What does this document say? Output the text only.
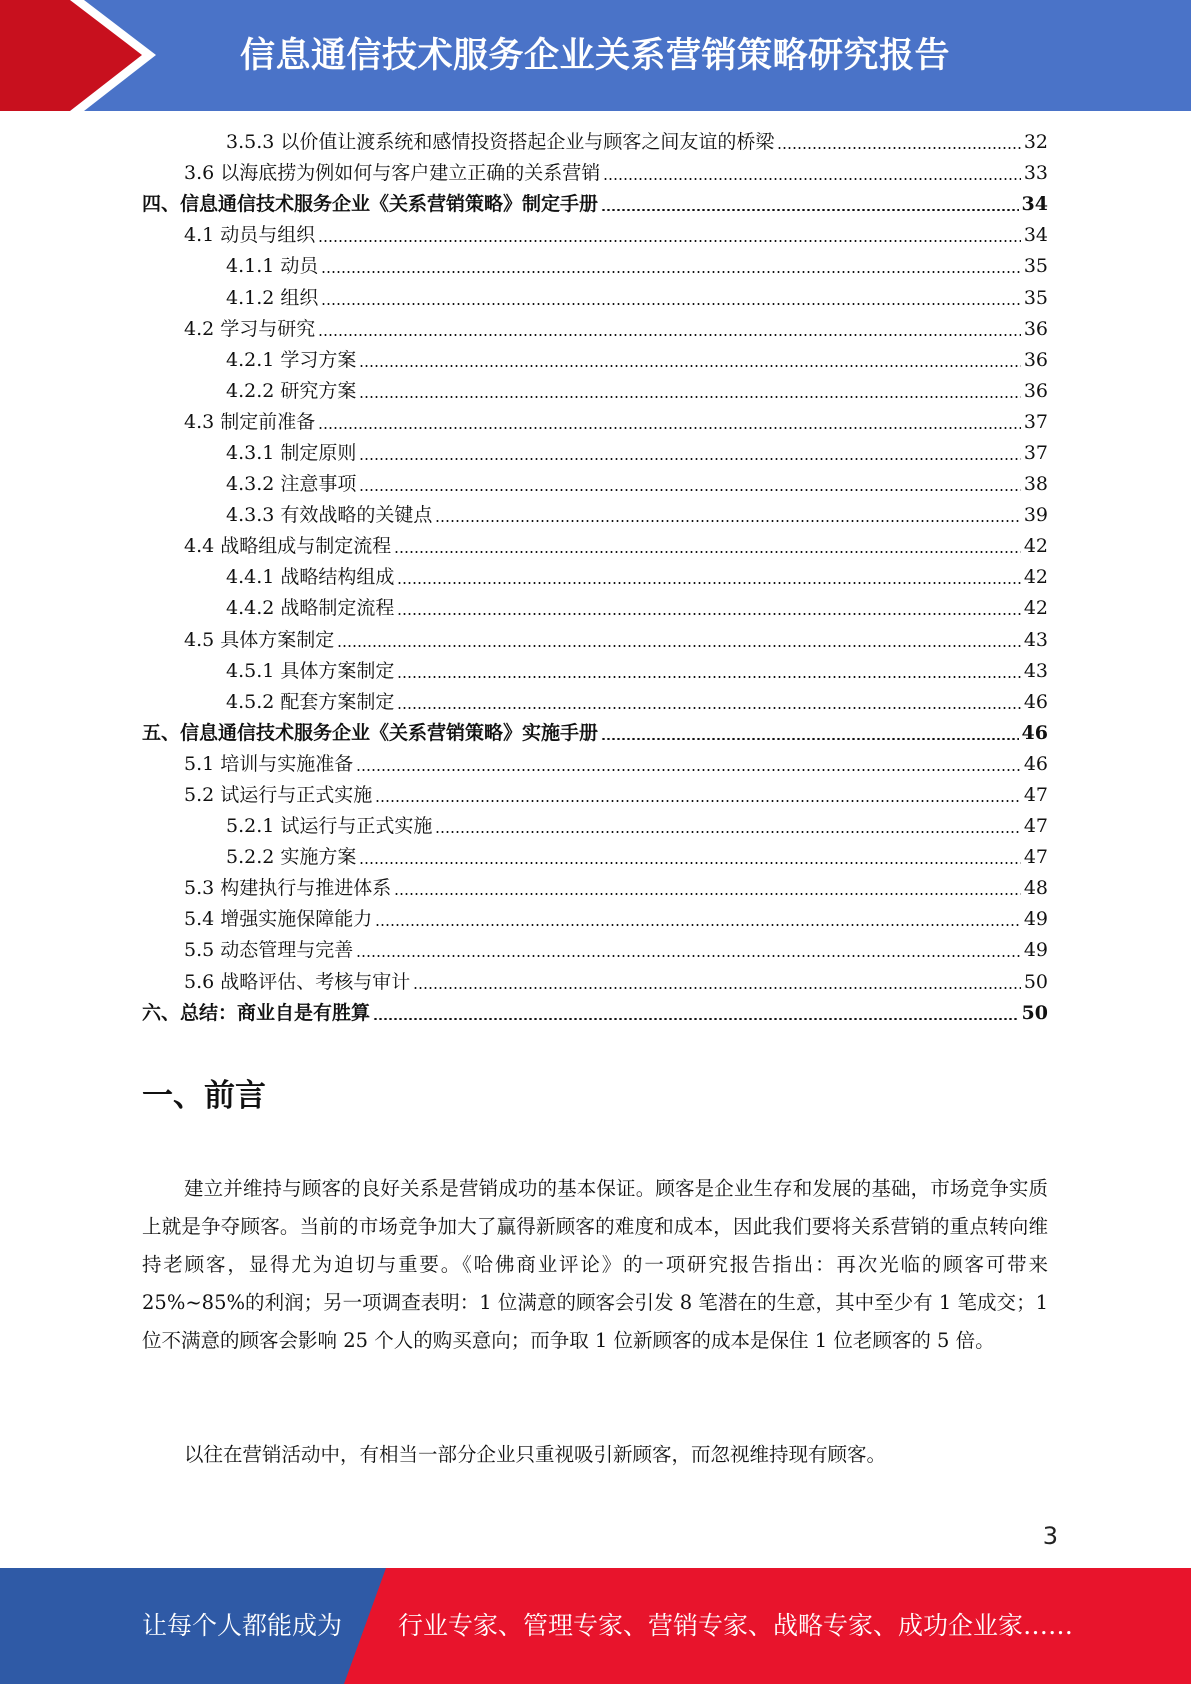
信息通信技术服务企业关系营销策略研究报告
3.5.3 以价值让渡系统和感情投资搭起企业与顾客之间友谊的桥梁	32
3.6 以海底捞为例如何与客户建立正确的关系营销	33
四、信息通信技术服务企业《关系营销策略》制定手册	34
4.1 动员与组织	34
4.1.1 动员	35
4.1.2 组织	35
4.2 学习与研究	36
4.2.1 学习方案	36
4.2.2 研究方案	36
4.3 制定前准备	37
4.3.1 制定原则	37
4.3.2 注意事项	38
4.3.3 有效战略的关键点	39
4.4 战略组成与制定流程	42
4.4.1 战略结构组成	42
4.4.2 战略制定流程	42
4.5 具体方案制定	43
4.5.1 具体方案制定	43
4.5.2 配套方案制定	46
五、信息通信技术服务企业《关系营销策略》实施手册	46
5.1 培训与实施准备	46
5.2 试运行与正式实施	47
5.2.1 试运行与正式实施	47
5.2.2 实施方案	47
5.3 构建执行与推进体系	48
5.4 增强实施保障能力	49
5.5 动态管理与完善	49
5.6 战略评估、考核与审计	50
六、总结：商业自是有胜算	50
一、前言

建立并维持与顾客的良好关系是营销成功的基本保证。顾客是企业生存和发展的基础，市场竞争实质上就是争夺顾客。当前的市场竞争加大了赢得新顾客的难度和成本，因此我们要将关系营销的重点转向维持老顾客，显得尤为迫切与重要。《哈佛商业评论》的一项研究报告指出：再次光临的顾客可带来 25%~85%的利润；另一项调查表明：1 位满意的顾客会引发 8 笔潜在的生意，其中至少有 1 笔成交；1 位不满意的顾客会影响 25 个人的购买意向；而争取 1 位新顾客的成本是保住 1 位老顾客的 5 倍。

以往在营销活动中，有相当一部分企业只重视吸引新顾客，而忽视维持现有顾客。

3
让每个人都能成为 行业专家、管理专家、营销专家、战略专家、成功企业家……
